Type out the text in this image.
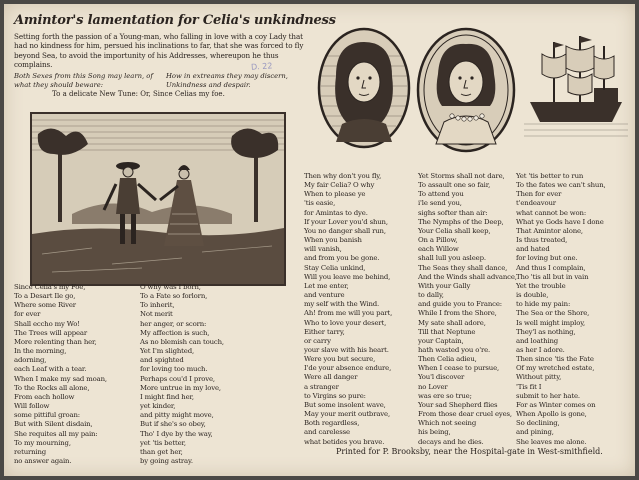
Amintor's lamentation for Celia's unkindness
Setting forth the passion of a Young-man, who falling in love with a coy Lady that had no kindness for him, persued his inclinations to far, that she was forced to fly beyond Sea, to avoid the importunity of his Addresses, whereupon he thus complains.
Both Sexes from this Song may learn, of what they should beware:
How in extreams they may discern, Unkindness and despair.
To a delicate New Tune: Or, Since Celias my foe.
D. 22
Since Celia's my Foe,
To a Desart Ile go,
Where some River
for ever
Shall eccho my Wo!
The Trees will appear
More relenting than her,
In the morning,
adorning,
each Leaf with a tear.
When I make my sad moan,
To the Rocks all alone,
From each hollow
Will follow
some pittiful groan:
But with Silent disdain,
She requites all my pain:
To my mourning,
returning
no answer again.
O why was I born,
To a Fate so forlorn,
To inherit,
Not merit
her anger, or scorn:
My affection is such,
As no blemish can touch,
Yet I'm slighted,
and spighted
for loving too much.
Perhaps cou'd I prove,
More untrue in my love,
I might find her,
yet kinder,
and pitty might move,
But if she's so obey,
Tho' I dye by the way,
yet 'tis better,
than get her,
by going astray.
Then why don't you fly,
My fair Celia? O why
When to please ye
'tis easie,
for Amintas to dye.
If your Lover you'd shun,
You no danger shall run,
When you banish
will vanish,
and from you be gone.
Stay Celia unkind,
Will you leave me behind,
Let me enter,
and venture
my self with the Wind.
Ah! from me will you part,
Who to love your desert,
Either tarry,
or carry
your slave with his heart.
Were you but secure,
I'de your absence endure,
Were all danger
a stranger
to Virgins so pure:
But some insolent wave,
May your merit outbrave,
Both regardless,
and carelesse
what betides you brave.
Yet Storms shall not dare,
To assault one so fair,
To attend you
i'le send you,
sighs softer than air:
The Nymphs of the Deep,
Your Celia shall keep,
On a Pillow,
each Willow
shall lull you asleep.
The Seas they shall dance,
And the Winds shall advance,
With your Gally
to dally,
and guide you to France:
While I from the Shore,
My sate shall adore,
Till that Neptune
your Captain,
hath wasted you o're.
Then Celia adieu,
When I cease to pursue,
You'l discover
no Lover
was ere so true;
Your sad Shepherd flies
From those dear cruel eyes,
Which not seeing
his being,
decays and he dies.
Yet 'tis better to run
To the fates we can't shun,
Then for ever
t'endeavour
what cannot be won:
What ye Gods have I done
That Amintor alone,
Is thus treated,
and hated
for loving but one.
And thus I complain,
Tho 'tis all but in vain
Yet the trouble
is double,
to hide my pain:
The Sea or the Shore,
Is well might imploy,
They'l as nothing,
and loathing
as her I adore.
Then since 'tis the Fate
Of my wretched estate,
Without pitty,
'Tis fit I
submit to her hate.
For as Winter comes on
When Apollo is gone,
So declining,
and pining,
She leaves me alone.
Printed for P. Brooksby, near the Hospital-gate in West-smithfield.
